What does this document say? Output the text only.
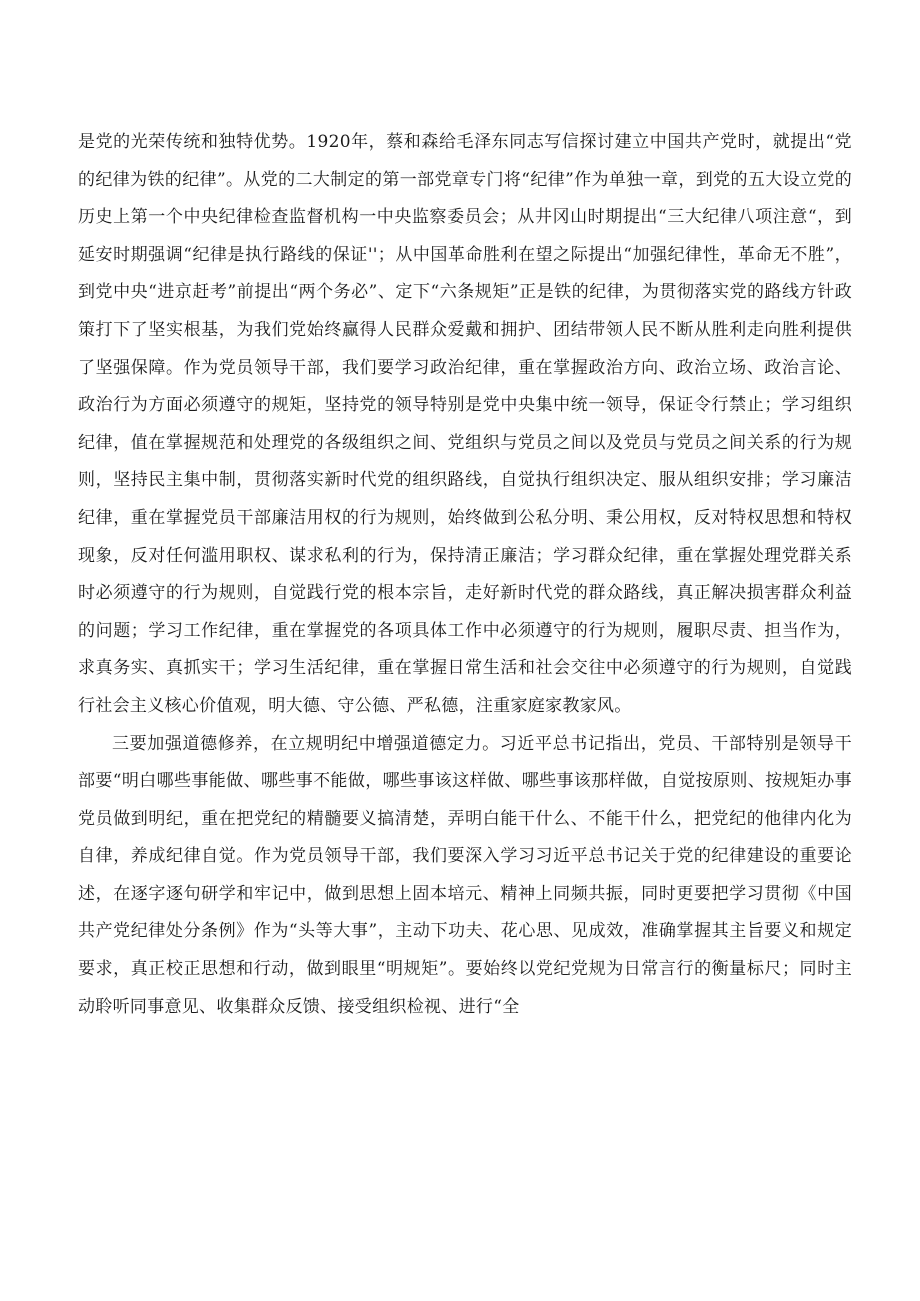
是党的光荣传统和独特优势。1920年，蔡和森给毛泽东同志写信探讨建立中国共产党时，就提出“党的纪律为铁的纪律”。从党的二大制定的第一部党章专门将“纪律”作为单独一章，到党的五大设立党的历史上第一个中央纪律检查监督机构一中央监察委员会；从井冈山时期提出“三大纪律八项注意“，到延安时期强调“纪律是执行路线的保证''；从中国革命胜利在望之际提出“加强纪律性，革命无不胜”，到党中央“进京赶考”前提出“两个务必”、定下“六条规矩”正是铁的纪律，为贯彻落实党的路线方针政策打下了坚实根基，为我们党始终赢得人民群众爱戴和拥护、团结带领人民不断从胜利走向胜利提供了坚强保障。作为党员领导干部，我们要学习政治纪律，重在掌握政治方向、政治立场、政治言论、政治行为方面必须遵守的规矩，坚持党的领导特别是党中央集中统一领导，保证令行禁止；学习组织纪律，值在掌握规范和处理党的各级组织之间、党组织与党员之间以及党员与党员之间关系的行为规则，坚持民主集中制，贯彻落实新时代党的组织路线，自觉执行组织决定、服从组织安排；学习廉洁纪律，重在掌握党员干部廉洁用权的行为规则，始终做到公私分明、秉公用权，反对特权思想和特权现象，反对任何滥用职权、谋求私利的行为，保持清正廉洁；学习群众纪律，重在掌握处理党群关系时必须遵守的行为规则，自觉践行党的根本宗旨，走好新时代党的群众路线，真正解决损害群众利益的问题；学习工作纪律，重在掌握党的各项具体工作中必须遵守的行为规则，履职尽责、担当作为，求真务实、真抓实干；学习生活纪律，重在掌握日常生活和社会交往中必须遵守的行为规则，自觉践行社会主义核心价值观，明大德、守公德、严私德，注重家庭家教家风。

三要加强道德修养，在立规明纪中增强道德定力。习近平总书记指出，党员、干部特别是领导干部要“明白哪些事能做、哪些事不能做，哪些事该这样做、哪些事该那样做，自觉按原则、按规矩办事党员做到明纪，重在把党纪的精髓要义搞清楚，弄明白能干什么、不能干什么，把党纪的他律内化为自律，养成纪律自觉。作为党员领导干部，我们要深入学习习近平总书记关于党的纪律建设的重要论述，在逐字逐句研学和牢记中，做到思想上固本培元、精神上同频共振，同时更要把学习贯彻《中国共产党纪律处分条例》作为“头等大事”，主动下功夫、花心思、见成效，准确掌握其主旨要义和规定要求，真正校正思想和行动，做到眼里“明规矩”。要始终以党纪党规为日常言行的衡量标尺；同时主动聆听同事意见、收集群众反馈、接受组织检视、进行“全
